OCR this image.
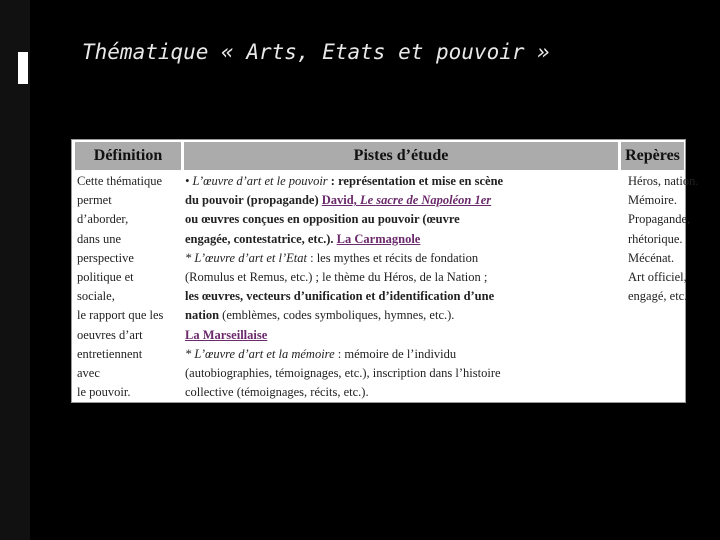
Thématique « Arts, Etats et pouvoir »
Définition	Pistes d’étude	Repères
Cette thématique
permet
d’aborder,
dans une
perspective
politique et
sociale,
le rapport que les
oeuvres d’art
entretiennent
avec
le pouvoir.
• L’œuvre d’art et le pouvoir : représentation et mise en scène
du pouvoir (propagande) David, Le sacre de Napoléon 1er
ou œuvres conçues en opposition au pouvoir (œuvre
engagée, contestatrice, etc.). La Carmagnole
* L’œuvre d’art et l’Etat : les mythes et récits de fondation
(Romulus et Remus, etc.) ; le thème du Héros, de la Nation ;
les œuvres, vecteurs d’unification et d’identification d’une
nation (emblèmes, codes symboliques, hymnes, etc.).
La Marseillaise
* L’œuvre d’art et la mémoire : mémoire de l’individu
(autobiographies, témoignages, etc.), inscription dans l’histoire
collective (témoignages, récits, etc.).
Héros, nation.
Mémoire.
Propagande,
rhétorique.
Mécénat.
Art officiel,
engagé, etc.
